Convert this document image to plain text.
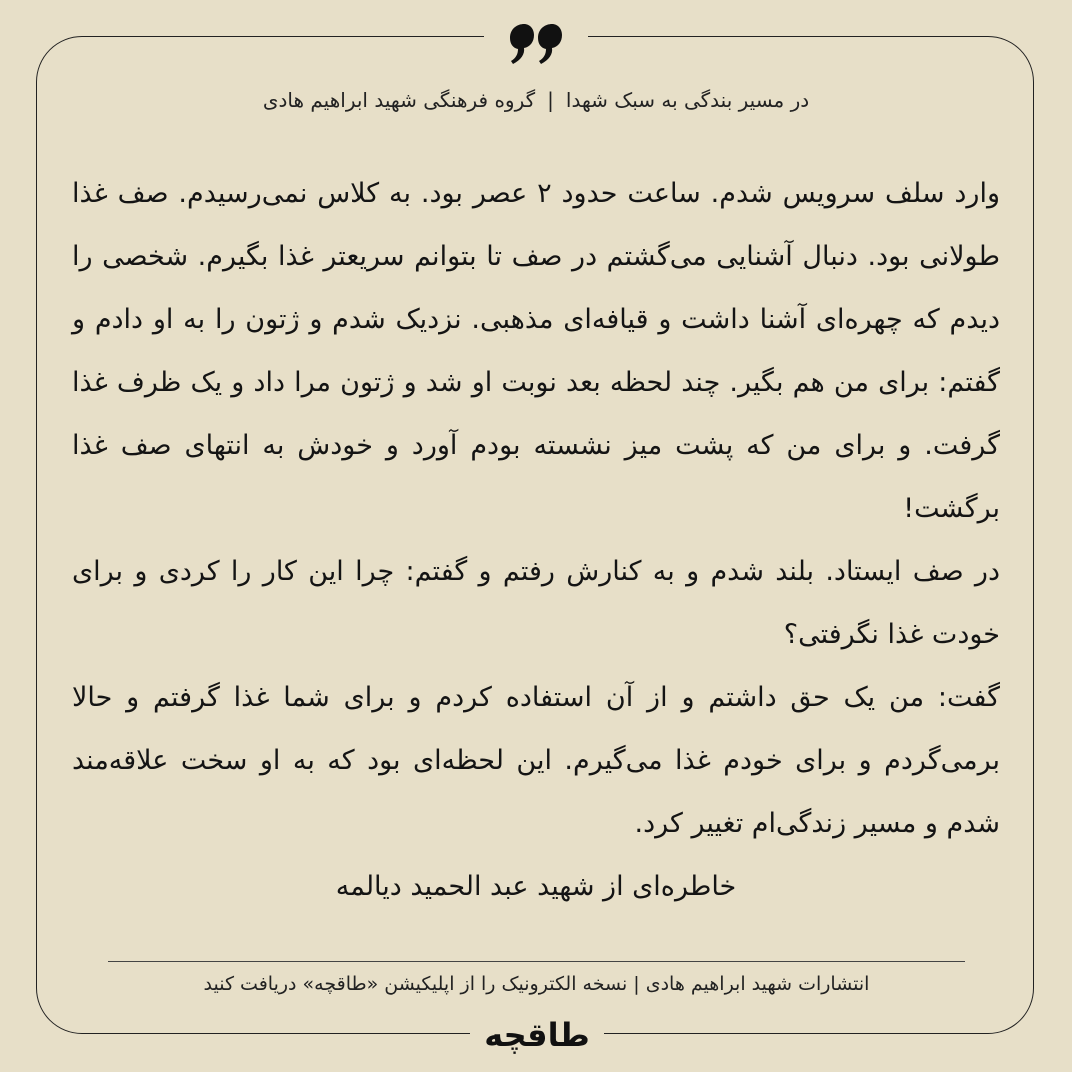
در مسیر بندگی به سبک شهدا|گروه فرهنگی شهید ابراهیم هادی

وارد سلف سرویس شدم. ساعت حدود ۲ عصر بود. به کلاس نمی‌رسیدم. صف غذا طولانی بود. دنبال آشنایی می‌گشتم در صف تا بتوانم سریعتر غذا بگیرم. شخصی را دیدم که چهره‌ای آشنا داشت و قیافه‌ای مذهبی. نزدیک شدم و ژتون را به او دادم و گفتم: برای من هم بگیر. چند لحظه بعد نوبت او شد و ژتون مرا داد و یک ظرف غذا گرفت. و برای من که پشت میز نشسته بودم آورد و خودش به انتهای صف غذا برگشت!

در صف ایستاد. بلند شدم و به کنارش رفتم و گفتم: چرا این کار را کردی و برای خودت غذا نگرفتی؟

گفت: من یک حق داشتم و از آن استفاده کردم و برای شما غذا گرفتم و حالا برمی‌گردم و برای خودم غذا می‌گیرم. این لحظه‌ای بود که به او سخت علاقه‌مند شدم و مسیر زندگی‌ام تغییر کرد.

خاطره‌ای از شهید عبد الحمید دیالمه

انتشارات شهید ابراهیم هادی | نسخه الکترونیک را از اپلیکیشن «طاقچه» دریافت کنید
طاقچه
